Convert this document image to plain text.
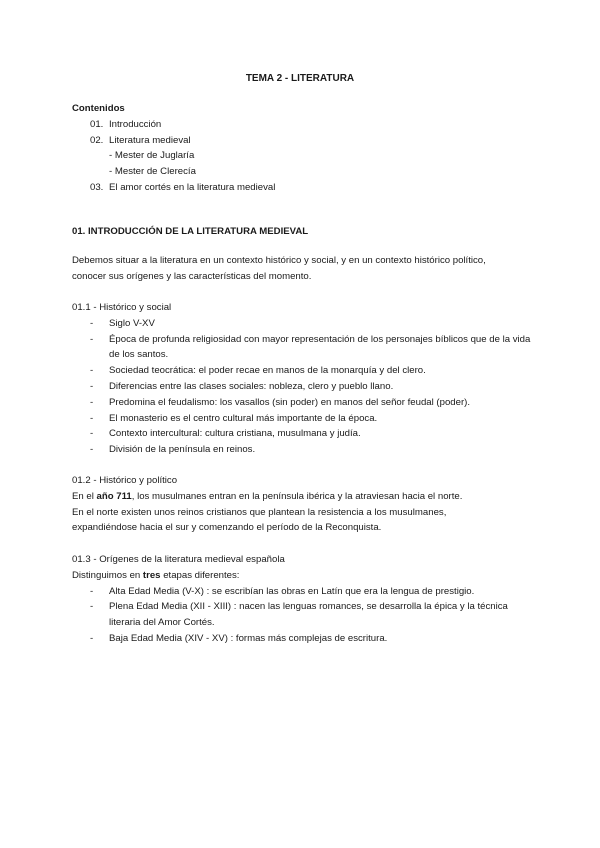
TEMA 2 - LITERATURA
Contenidos
01. Introducción
02. Literatura medieval
- Mester de Juglaría
- Mester de Clerecía
03. El amor cortés en la literatura medieval
01. INTRODUCCIÓN DE LA LITERATURA MEDIEVAL

Debemos situar a la literatura en un contexto histórico y social, y en un contexto histórico político,

conocer sus orígenes y las características del momento.

01.1 - Histórico y social

- Siglo V-XV
- Época de profunda religiosidad con mayor representación de los personajes bíblicos que de la vida de los santos.
- Sociedad teocrática: el poder recae en manos de la monarquía y del clero.
- Diferencias entre las clases sociales: nobleza, clero y pueblo llano.
- Predomina el feudalismo: los vasallos (sin poder) en manos del señor feudal (poder).
- El monasterio es el centro cultural más importante de la época.
- Contexto intercultural: cultura cristiana, musulmana y judía.
- División de la península en reinos.

01.2 - Histórico y político

En el año 711, los musulmanes entran en la península ibérica y la atraviesan hacia el norte.

En el norte existen unos reinos cristianos que plantean la resistencia a los musulmanes,

expandiéndose hacia el sur y comenzando el período de la Reconquista.

01.3 - Orígenes de la literatura medieval española

Distinguimos en tres etapas diferentes:

- Alta Edad Media (V-X) : se escribían las obras en Latín que era la lengua de prestigio.
- Plena Edad Media (XII - XIII) : nacen las lenguas romances, se desarrolla la épica y la técnica literaria del Amor Cortés.
- Baja Edad Media (XIV - XV) : formas más complejas de escritura.
